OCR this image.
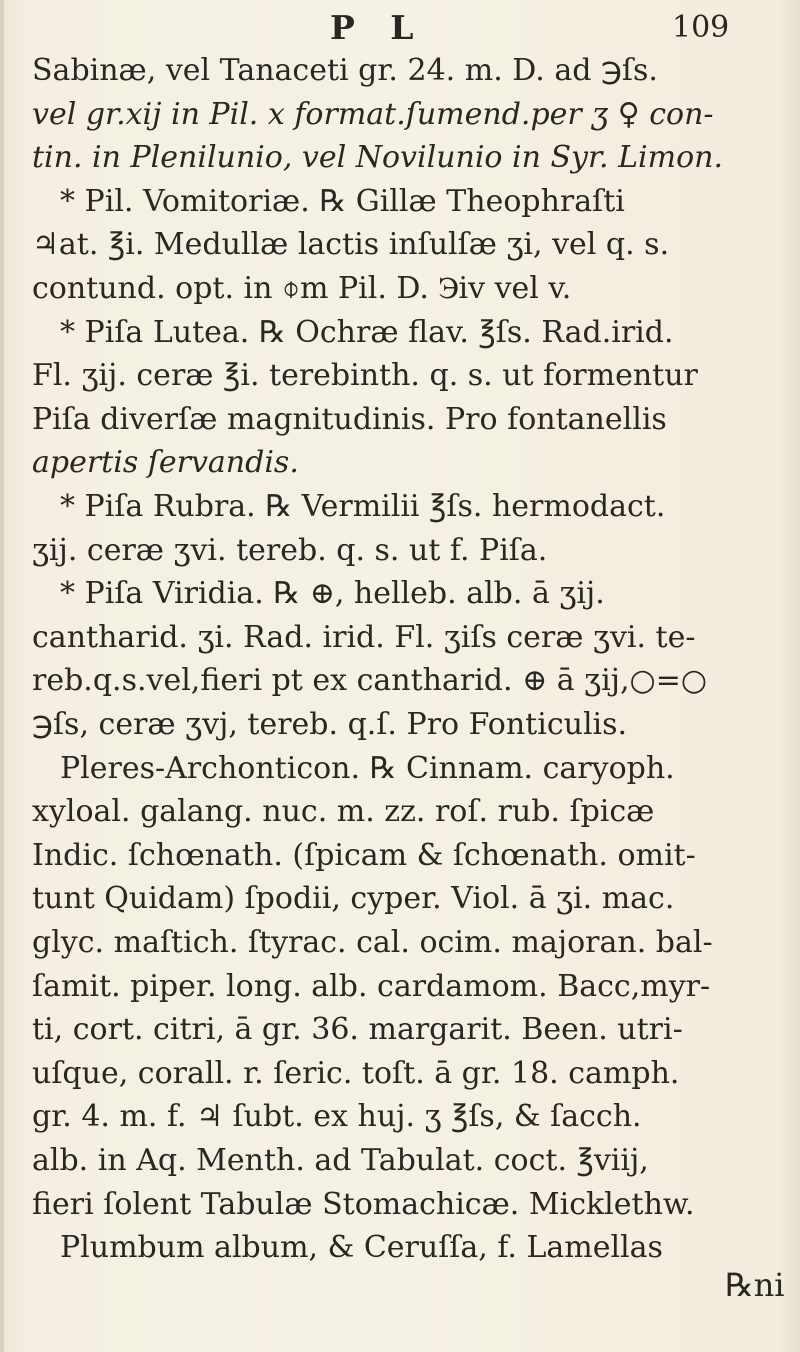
P L	109
Sabinæ, vel Tanaceti gr. 24. m. D. ad ℈ſs.
vel gr.xij in Pil. x format.ſumend.per ʒ ♀ con-
tin. in Plenilunio, vel Novilunio in Syr. Limon.
* Pil. Vomitoriæ. ℞ Gillæ Theophraſti
♃at. ℥i. Medullæ lactis inſulſæ ʒi, vel q. s.
contund. opt. in ⌽m Pil. D. ℈iv vel v.
* Piſa Lutea. ℞ Ochræ flav. ℥ſs. Rad.irid.
Fl. ʒij. ceræ ℥i. terebinth. q. s. ut formentur
Piſa diverſæ magnitudinis. Pro fontanellis
apertis ſervandis.
* Piſa Rubra. ℞ Vermilii ℥ſs. hermodact.
ʒij. ceræ ʒvi. tereb. q. s. ut f. Piſa.
* Piſa Viridia. ℞ ⊕, helleb. alb. ā ʒij.
cantharid. ʒi. Rad. irid. Fl. ʒiſs ceræ ʒvi. te-
reb.q.s.vel,fieri pt ex cantharid. ⊕ ā ʒij,○=○
℈ſs, ceræ ʒvj, tereb. q.ſ. Pro Fonticulis.
Pleres-Archonticon. ℞ Cinnam. caryoph.
xyloal. galang. nuc. m. zz. roſ. rub. ſpicæ
Indic. ſchœnath. (ſpicam & ſchœnath. omit-
tunt Quidam) ſpodii, cyper. Viol. ā ʒi. mac.
glyc. maſtich. ſtyrac. cal. ocim. majoran. bal-
ſamit. piper. long. alb. cardamom. Bacc,myr-
ti, cort. citri, ā gr. 36. margarit. Been. utri-
uſque, corall. r. ſeric. toſt. ā gr. 18. camph.
gr. 4. m. f. ♃ ſubt. ex huj. ʒ ℥ſs, & ſacch.
alb. in Aq. Menth. ad Tabulat. coct. ℥viij,
fieri ſolent Tabulæ Stomachicæ. Micklethw.
Plumbum album, & Ceruſſa, f. Lamellas
℞ni
